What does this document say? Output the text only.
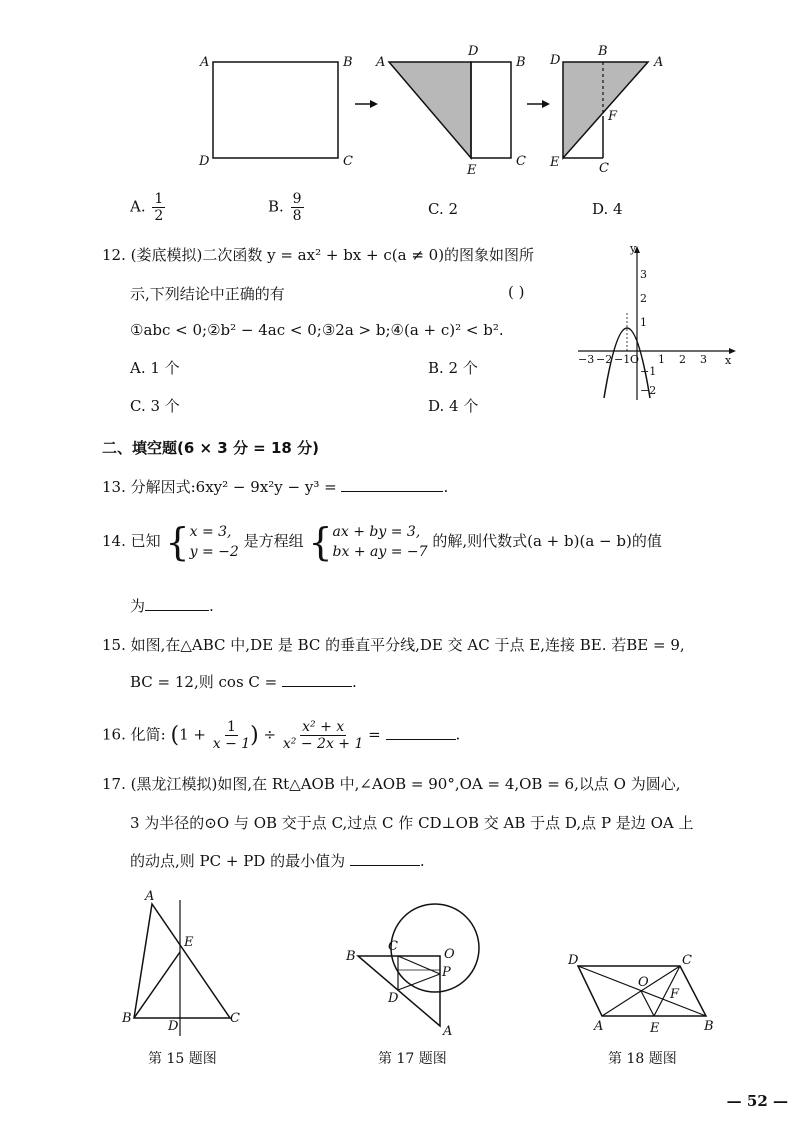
A	B
C
D
A
D
B
C
E
D
B
A
F
E	C
A. $\frac{1}{2}$	B. $\frac{9}{8}$	C. 2	D. 4
12. (娄底模拟)二次函数 y = ax² + bx + c(a ≠ 0)的图象如图所
示,下列结论中正确的有	( )
①abc < 0;②b² − 4ac < 0;③2a > b;④(a + c)² < b².
A. 1 个	B. 2 个
C. 3 个	D. 4 个
x
y
O
−3 −2 −1	1 2 3
3
2
1
−1
−2
二、填空题(6 × 3 分 = 18 分)
13. 分解因式:6xy² − 9x²y − y³ =	.
14. 已知 { x = 3,
y = −2
是方程组 { ax + by = 3,
bx + ay = −7
的解,则代数式(a + b)(a − b)的值
为	.
15. 如图,在△ABC 中,DE 是 BC 的垂直平分线,DE 交 AC 于点 E,连接 BE. 若BE = 9,
BC = 12,则 cos C =	.
16. 化简: ($1 + \frac{1}{x - 1}$ ) ÷ $\frac{\text{x² + x}}{\text{x² − 2x + 1}}$ =	.
17. (黑龙江模拟)如图,在 Rt△AOB 中,∠AOB = 90°,OA = 4,OB = 6,以点 O 为圆心,
3 为半径的⊙O 与 OB 交于点 C,过点 C 作 CD⊥OB 交 AB 于点 D,点 P 是边 OA 上
的动点,则 PC + PD 的最小值为	.
A
E
B
D
C
B
C
O
P
D
A
D	C
O
F
A	E	B
第 15 题图	第 17 题图	第 18 题图
— 52 —
